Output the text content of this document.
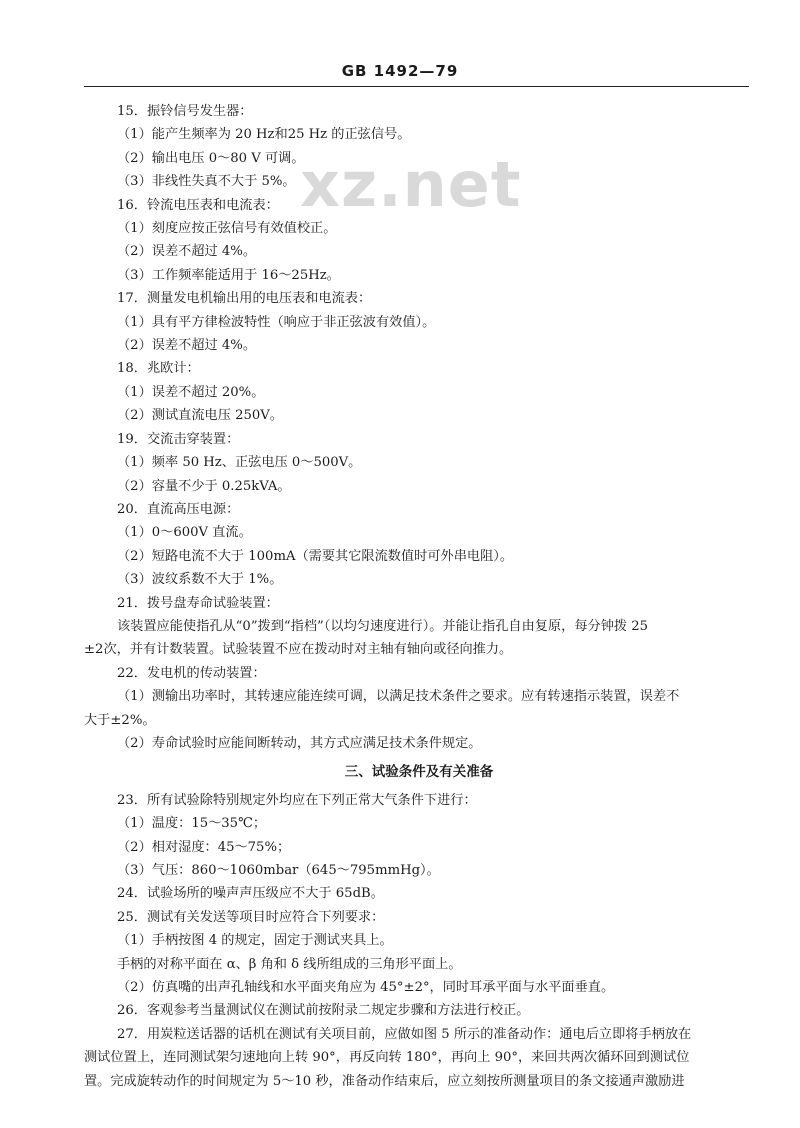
GB 1492—79
xz.net
15．振铃信号发生器：
（1）能产生频率为 20 Hz和25 Hz 的正弦信号。
（2）输出电压 0～80 V 可调。
（3）非线性失真不大于 5%。
16．铃流电压表和电流表：
（1）刻度应按正弦信号有效值校正。
（2）误差不超过 4%。
（3）工作频率能适用于 16～25Hz。
17．测量发电机输出用的电压表和电流表：
（1）具有平方律检波特性（响应于非正弦波有效值）。
（2）误差不超过 4%。
18．兆欧计：
（1）误差不超过 20%。
（2）测试直流电压 250V。
19．交流击穿装置：
（1）频率 50 Hz、正弦电压 0～500V。
（2）容量不少于 0.25kVA。
20．直流高压电源：
（1）0～600V 直流。
（2）短路电流不大于 100mA（需要其它限流数值时可外串电阻）。
（3）波纹系数不大于 1%。
21．拨号盘寿命试验装置：
该装置应能使指孔从“0”拨到“指档”（以均匀速度进行）。并能让指孔自由复原，每分钟拨 25
±2次，并有计数装置。试验装置不应在拨动时对主轴有轴向或径向推力。
22．发电机的传动装置：
（1）测输出功率时，其转速应能连续可调，以满足技术条件之要求。应有转速指示装置，误差不
大于±2%。
（2）寿命试验时应能间断转动，其方式应满足技术条件规定。
三、试验条件及有关准备
23．所有试验除特别规定外均应在下列正常大气条件下进行：
（1）温度：15～35℃；
（2）相对湿度：45～75%；
（3）气压：860～1060mbar（645～795mmHg）。
24．试验场所的噪声声压级应不大于 65dB。
25．测试有关发送等项目时应符合下列要求：
（1）手柄按图 4 的规定，固定于测试夹具上。
手柄的对称平面在 α、β 角和 δ 线所组成的三角形平面上。
（2）仿真嘴的出声孔轴线和水平面夹角应为 45°±2°，同时耳承平面与水平面垂直。
26．客观参考当量测试仪在测试前按附录二规定步骤和方法进行校正。
27．用炭粒送话器的话机在测试有关项目前，应做如图 5 所示的准备动作：通电后立即将手柄放在
测试位置上，连同测试架匀速地向上转 90°，再反向转 180°，再向上 90°，来回共两次循环回到测试位
置。完成旋转动作的时间规定为 5～10 秒，准备动作结束后，应立刻按所测量项目的条文接通声激励进
